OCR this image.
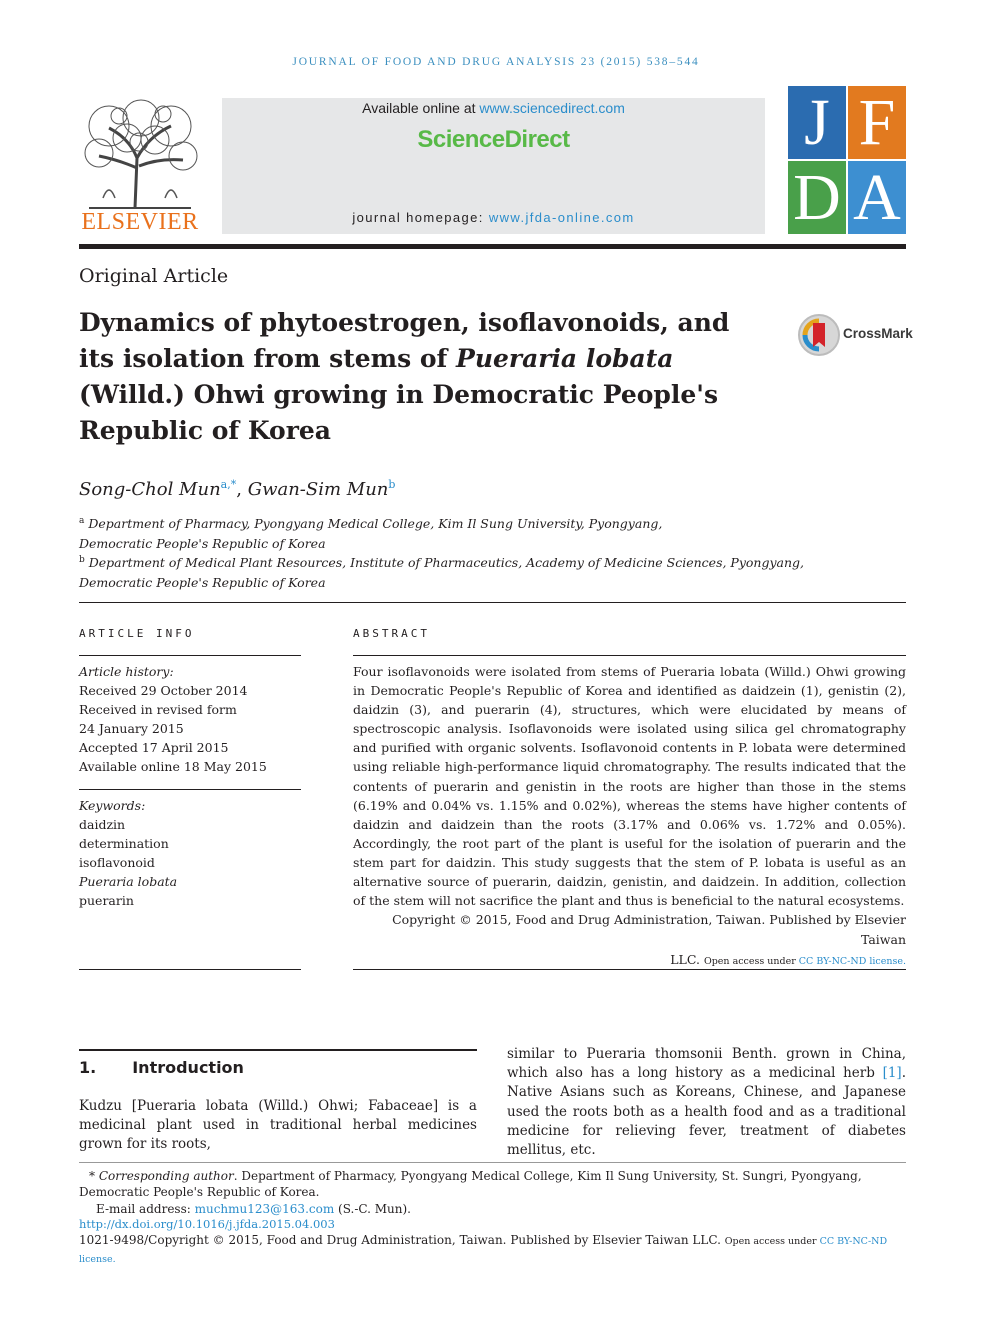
JOURNAL OF FOOD AND DRUG ANALYSIS 23 (2015) 538–544
ELSEVIER
Available online at www.sciencedirect.com
ScienceDirect
journal homepage: www.jfda-online.com
J F
D A
Original Article
Dynamics of phytoestrogen, isoflavonoids, and its isolation from stems of Pueraria lobata (Willd.) Ohwi growing in Democratic People's Republic of Korea
CrossMark
Song-Chol Mun$^{a,*}$, Gwan-Sim Mun$^b$
$^a$ Department of Pharmacy, Pyongyang Medical College, Kim Il Sung University, Pyongyang,
Democratic People's Republic of Korea
$^b$ Department of Medical Plant Resources, Institute of Pharmaceutics, Academy of Medicine Sciences, Pyongyang,
Democratic People's Republic of Korea
ARTICLE INFO
Article history:
Received 29 October 2014
Received in revised form
24 January 2015
Accepted 17 April 2015
Available online 18 May 2015
Keywords:
daidzin
determination
isoflavonoid
Pueraria lobata
puerarin
ABSTRACT
Four isoflavonoids were isolated from stems of Pueraria lobata (Willd.) Ohwi growing in Democratic People's Republic of Korea and identified as daidzein (1), genistin (2), daidzin (3), and puerarin (4), structures, which were elucidated by means of spectroscopic analysis. Isoflavonoids were isolated using silica gel chromatography and purified with organic solvents. Isoflavonoid contents in P. lobata were determined using reliable high-performance liquid chromatography. The results indicated that the contents of puerarin and genistin in the roots are higher than those in the stems (6.19% and 0.04% vs. 1.15% and 0.02%), whereas the stems have higher contents of daidzin and daidzein than the roots (3.17% and 0.06% vs. 1.72% and 0.05%). Accordingly, the root part of the plant is useful for the isolation of puerarin and the stem part for daidzin. This study suggests that the stem of P. lobata is useful as an alternative source of puerarin, daidzin, genistin, and daidzein. In addition, collection of the stem will not sacrifice the plant and thus is beneficial to the natural ecosystems.
Copyright © 2015, Food and Drug Administration, Taiwan. Published by Elsevier Taiwan
LLC. Open access under CC BY-NC-ND license.
1. Introduction
Kudzu [Pueraria lobata (Willd.) Ohwi; Fabaceae] is a medicinal plant used in traditional herbal medicines grown for its roots,
similar to Pueraria thomsonii Benth. grown in China, which also has a long history as a medicinal herb [1]. Native Asians such as Koreans, Chinese, and Japanese used the roots both as a health food and as a traditional medicine for relieving fever, treatment of diabetes mellitus, etc.
* Corresponding author. Department of Pharmacy, Pyongyang Medical College, Kim Il Sung University, St. Sungri, Pyongyang, Democratic People's Republic of Korea.
E-mail address: muchmu123@163.com (S.-C. Mun).
http://dx.doi.org/10.1016/j.jfda.2015.04.003
1021-9498/Copyright © 2015, Food and Drug Administration, Taiwan. Published by Elsevier Taiwan LLC. Open access under CC BY-NC-ND license.
